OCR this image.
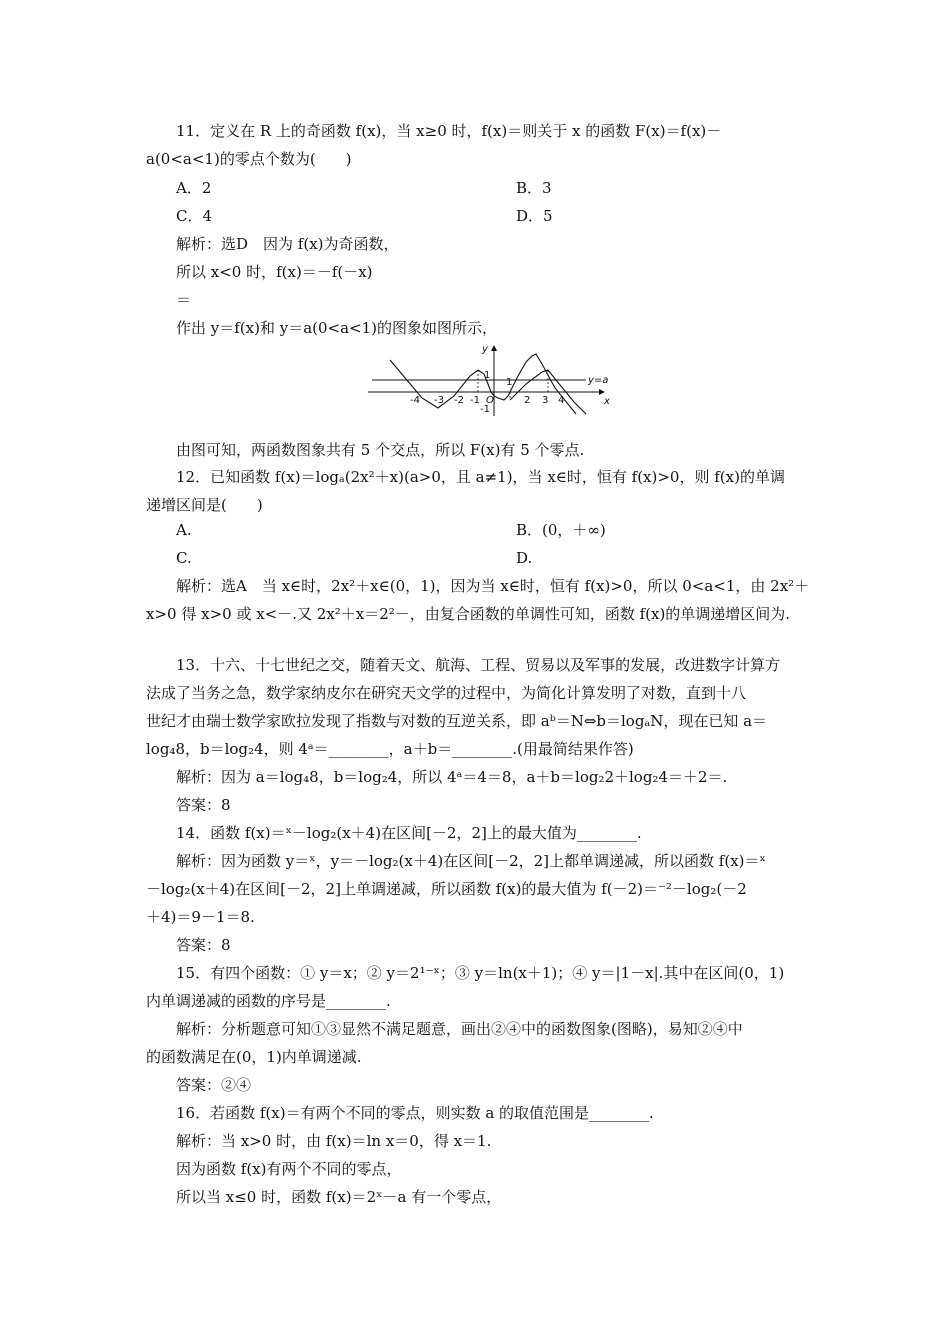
11．定义在 R 上的奇函数 f(x)，当 x≥0 时，f(x)＝则关于 x 的函数 F(x)＝f(x)－
a(0<a<1)的零点个数为(　　)
A．2	B．3
C．4	D．5
解析：选D　因为 f(x)为奇函数，
所以 x<0 时，f(x)＝－f(－x)
＝
作出 y＝f(x)和 y＝a(0<a<1)的图象如图所示，
y
x
y=a
1
1
-1
-4 -3 -2 -1 O	2 3 4
由图可知，两函数图象共有 5 个交点，所以 F(x)有 5 个零点.
12．已知函数 f(x)＝logₐ(2x²＋x)(a>0，且 a≠1)，当 x∈时，恒有 f(x)>0，则 f(x)的单调
递增区间是(　　)
A.	B．(0，＋∞)
C.	D.
解析：选A　当 x∈时，2x²＋x∈(0，1)，因为当 x∈时，恒有 f(x)>0，所以 0<a<1，由 2x²＋
x>0 得 x>0 或 x<－.又 2x²＋x＝2²－，由复合函数的单调性可知，函数 f(x)的单调递增区间为.
13．十六、十七世纪之交，随着天文、航海、工程、贸易以及军事的发展，改进数字计算方
法成了当务之急，数学家纳皮尔在研究天文学的过程中，为简化计算发明了对数，直到十八
世纪才由瑞士数学家欧拉发现了指数与对数的互逆关系，即 aᵇ＝N⇔b＝logₐN，现在已知 a＝
log₄8，b＝log₂4，则 4ᵃ＝________，a＋b＝________.(用最简结果作答)
解析：因为 a＝log₄8，b＝log₂4，所以 4ᵃ＝4＝8，a＋b＝log₂2＋log₂4＝＋2＝.
答案：8
14．函数 f(x)＝ˣ－log₂(x＋4)在区间[－2，2]上的最大值为________.
解析：因为函数 y＝ˣ，y＝－log₂(x＋4)在区间[－2，2]上都单调递减，所以函数 f(x)＝ˣ
－log₂(x＋4)在区间[－2，2]上单调递减，所以函数 f(x)的最大值为 f(－2)＝⁻²－log₂(－2
＋4)＝9－1＝8.
答案：8
15．有四个函数：① y＝x；② y＝2¹⁻ˣ；③ y＝ln(x＋1)；④ y＝|1－x|.其中在区间(0，1)
内单调递减的函数的序号是________.
解析：分析题意可知①③显然不满足题意，画出②④中的函数图象(图略)，易知②④中
的函数满足在(0，1)内单调递减.
答案：②④
16．若函数 f(x)＝有两个不同的零点，则实数 a 的取值范围是________.
解析：当 x>0 时，由 f(x)＝ln x＝0，得 x＝1.
因为函数 f(x)有两个不同的零点，
所以当 x≤0 时，函数 f(x)＝2ˣ－a 有一个零点，
